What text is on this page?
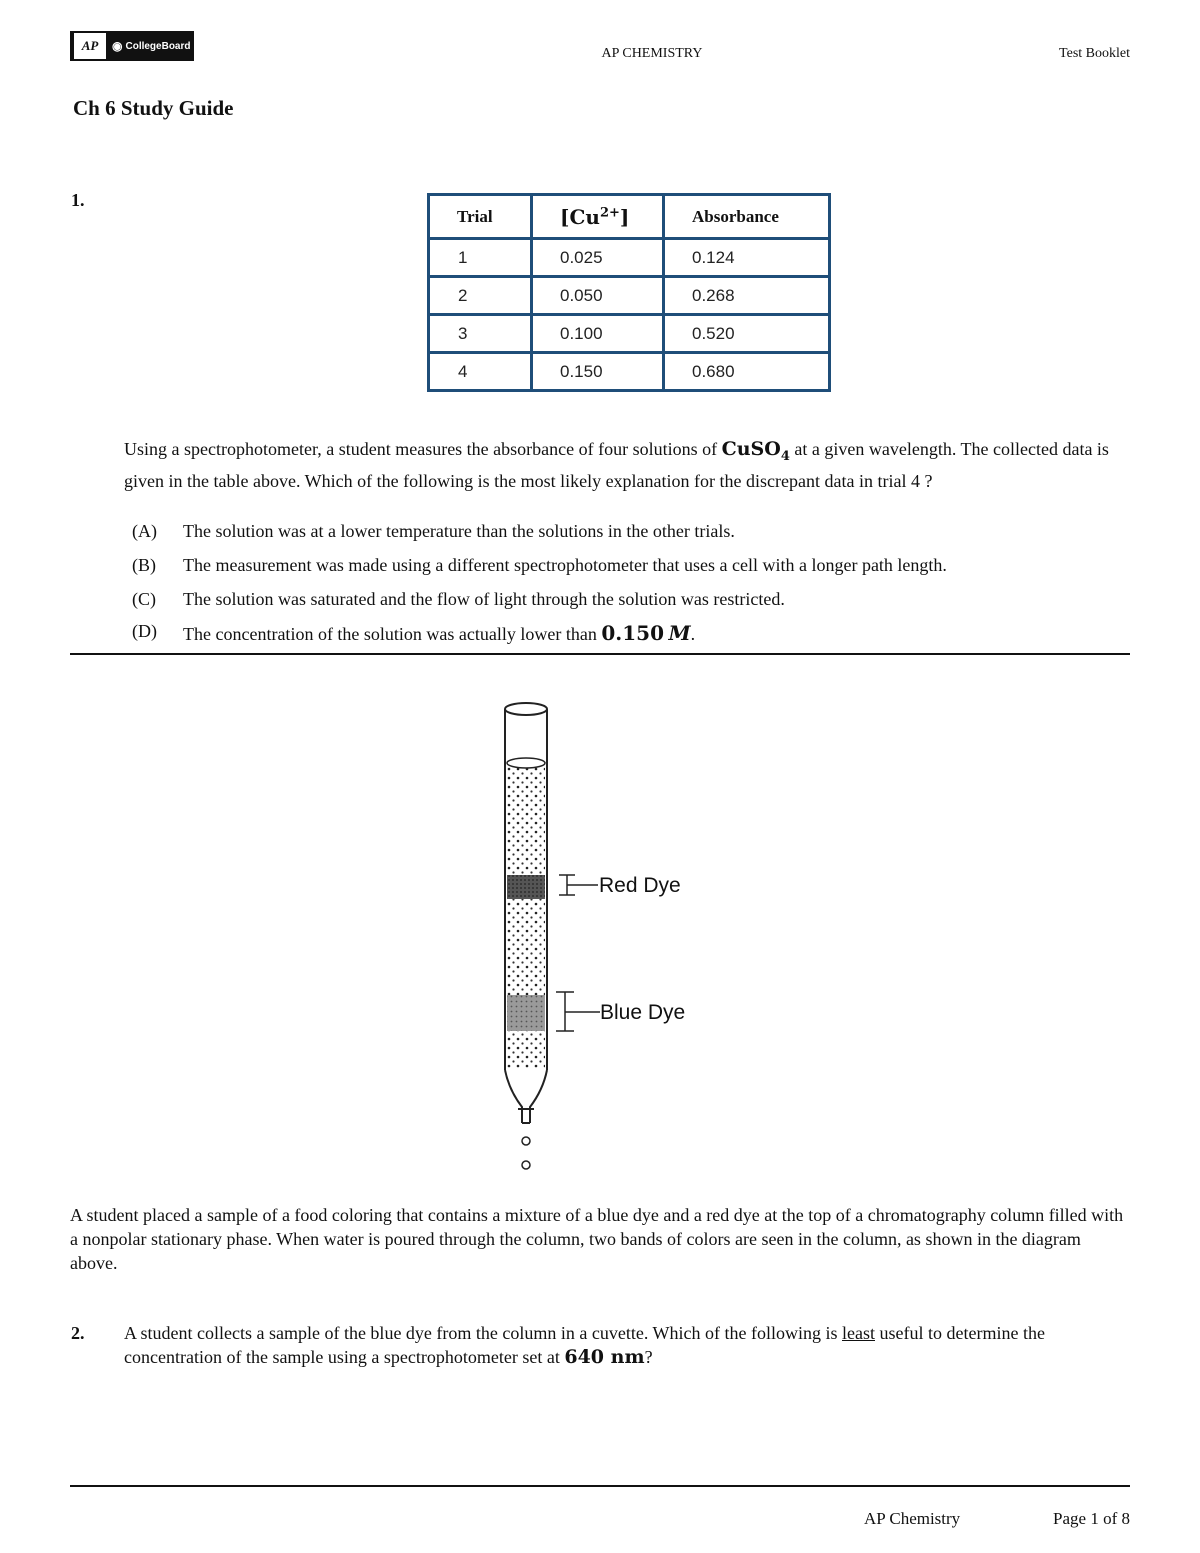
AP	◉ CollegeBoard	AP CHEMISTRY	Test Booklet
Ch 6 Study Guide
1.
Trial	$[Cu^{2+}]$	Absorbance
1	0.025	0.124
2	0.050	0.268
3	0.100	0.520
4	0.150	0.680
Using a spectrophotometer, a student measures the absorbance of four solutions of CuSO$_4$ at a given wavelength. The collected data is given in the table above. Which of the following is the most likely explanation for the discrepant data in trial 4 ?
(A)	The solution was at a lower temperature than the solutions in the other trials.
(B)	The measurement was made using a different spectrophotometer that uses a cell with a longer path length.
(C)	The solution was saturated and the flow of light through the solution was restricted.
(D)	The concentration of the solution was actually lower than 0.150 M.
Red Dye
Blue Dye
A student placed a sample of a food coloring that contains a mixture of a blue dye and a red dye at the top of a chromatography column filled with a nonpolar stationary phase. When water is poured through the column, two bands of colors are seen in the column, as shown in the diagram above.
2. A student collects a sample of the blue dye from the column in a cuvette. Which of the following is least useful to determine the concentration of the sample using a spectrophotometer set at 640 nm?
AP Chemistry	Page 1 of 8
